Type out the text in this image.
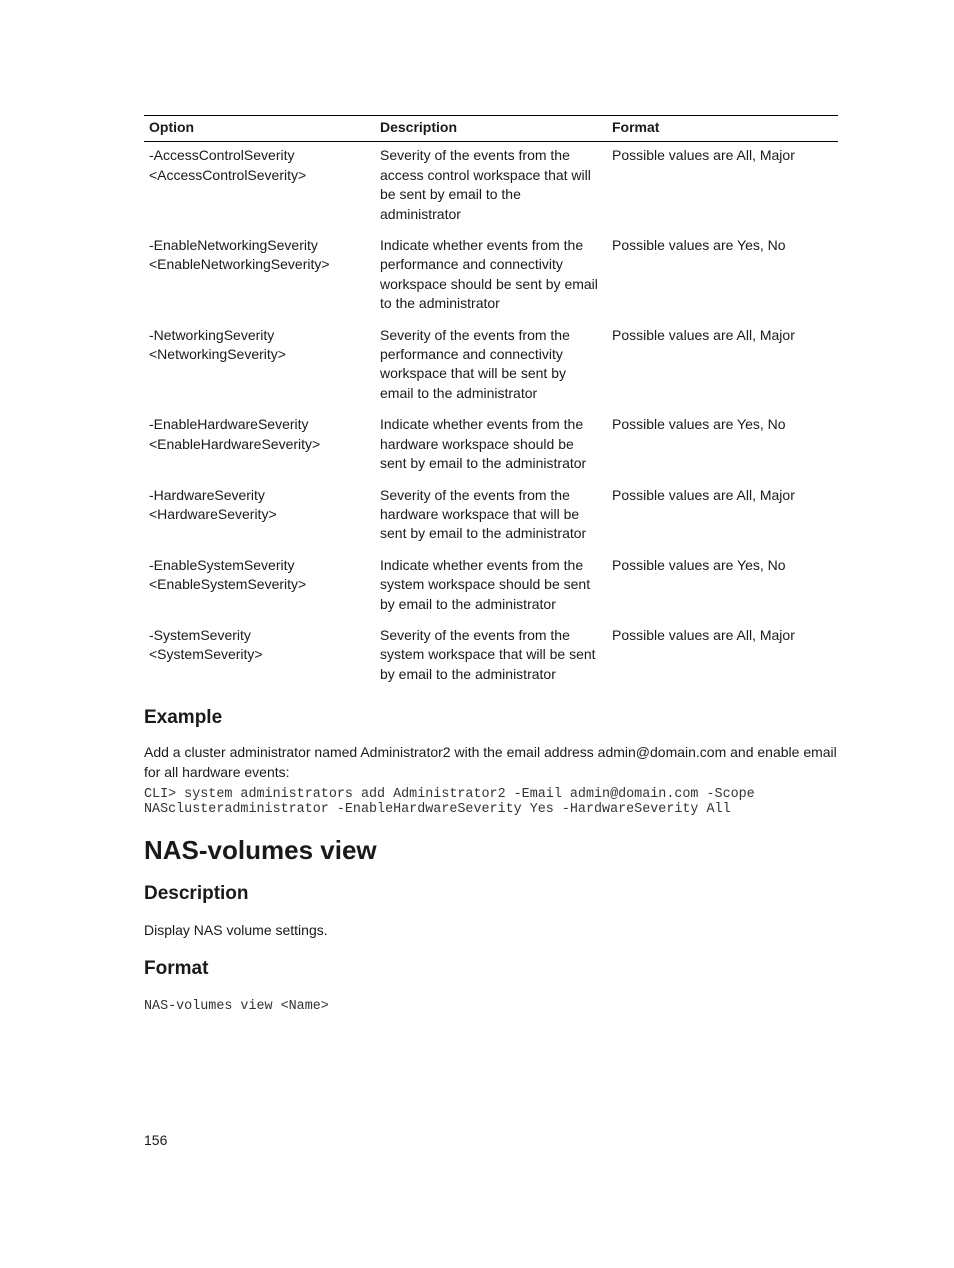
Option	Description	Format

-AccessControlSeverity
<AccessControlSeverity>	Severity of the events from the access control workspace that will be sent by email to the administrator	Possible values are All, Major

-EnableNetworkingSeverity
<EnableNetworkingSeverity>	Indicate whether events from the performance and connectivity workspace should be sent by email to the administrator	Possible values are Yes, No

-NetworkingSeverity
<NetworkingSeverity>	Severity of the events from the performance and connectivity workspace that will be sent by email to the administrator	Possible values are All, Major

-EnableHardwareSeverity
<EnableHardwareSeverity>	Indicate whether events from the hardware workspace should be sent by email to the administrator	Possible values are Yes, No

-HardwareSeverity
<HardwareSeverity>	Severity of the events from the hardware workspace that will be sent by email to the administrator	Possible values are All, Major

-EnableSystemSeverity
<EnableSystemSeverity>	Indicate whether events from the system workspace should be sent by email to the administrator	Possible values are Yes, No

-SystemSeverity
<SystemSeverity>	Severity of the events from the system workspace that will be sent by email to the administrator	Possible values are All, Major
Example

Add a cluster administrator named Administrator2 with the email address admin@domain.com and enable email for all hardware events:

CLI> system administrators add Administrator2 -Email admin@domain.com -Scope
NASclusteradministrator -EnableHardwareSeverity Yes -HardwareSeverity All
NAS-volumes view
Description

Display NAS volume settings.

Format
NAS-volumes view <Name>
156
